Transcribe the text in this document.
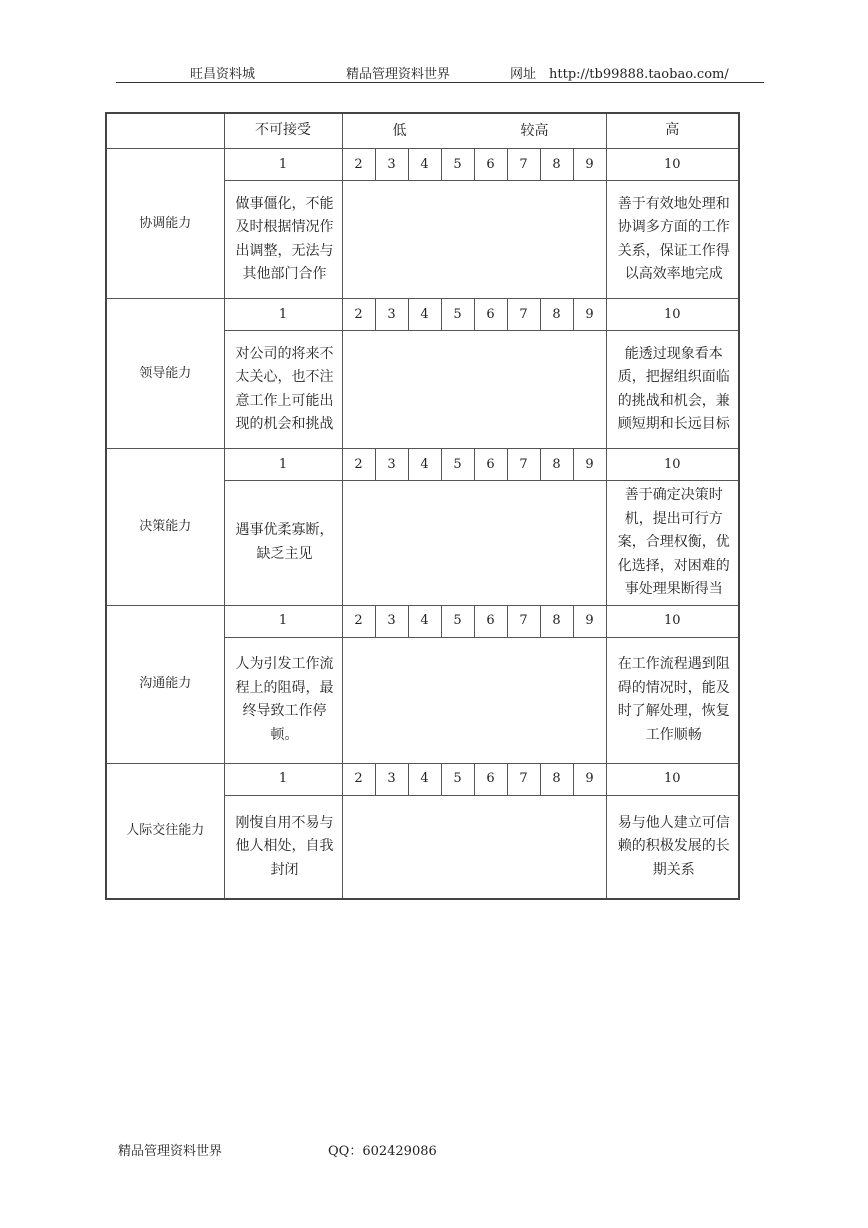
旺昌资料城	精品管理资料世界	网址　http://tb99888.taobao.com/
	不可接受	低 较高								高
协调能力	1	2	3	4	5	6	7	8	9	10
	做事僵化，不能及时根据情况作出调整，无法与其他部门合作									善于有效地处理和协调多方面的工作关系，保证工作得以高效率地完成
领导能力	1	2	3	4	5	6	7	8	9	10
	对公司的将来不太关心，也不注意工作上可能出现的机会和挑战									能透过现象看本质，把握组织面临的挑战和机会，兼顾短期和长远目标
决策能力	1	2	3	4	5	6	7	8	9	10
	遇事优柔寡断，缺乏主见									善于确定决策时机，提出可行方案，合理权衡，优化选择，对困难的事处理果断得当
沟通能力	1	2	3	4	5	6	7	8	9	10
	人为引发工作流程上的阻碍，最终导致工作停顿。									在工作流程遇到阻碍的情况时，能及时了解处理，恢复工作顺畅
人际交往能力	1	2	3	4	5	6	7	8	9	10
	刚愎自用不易与他人相处，自我封闭									易与他人建立可信赖的积极发展的长期关系
精品管理资料世界	QQ：602429086
